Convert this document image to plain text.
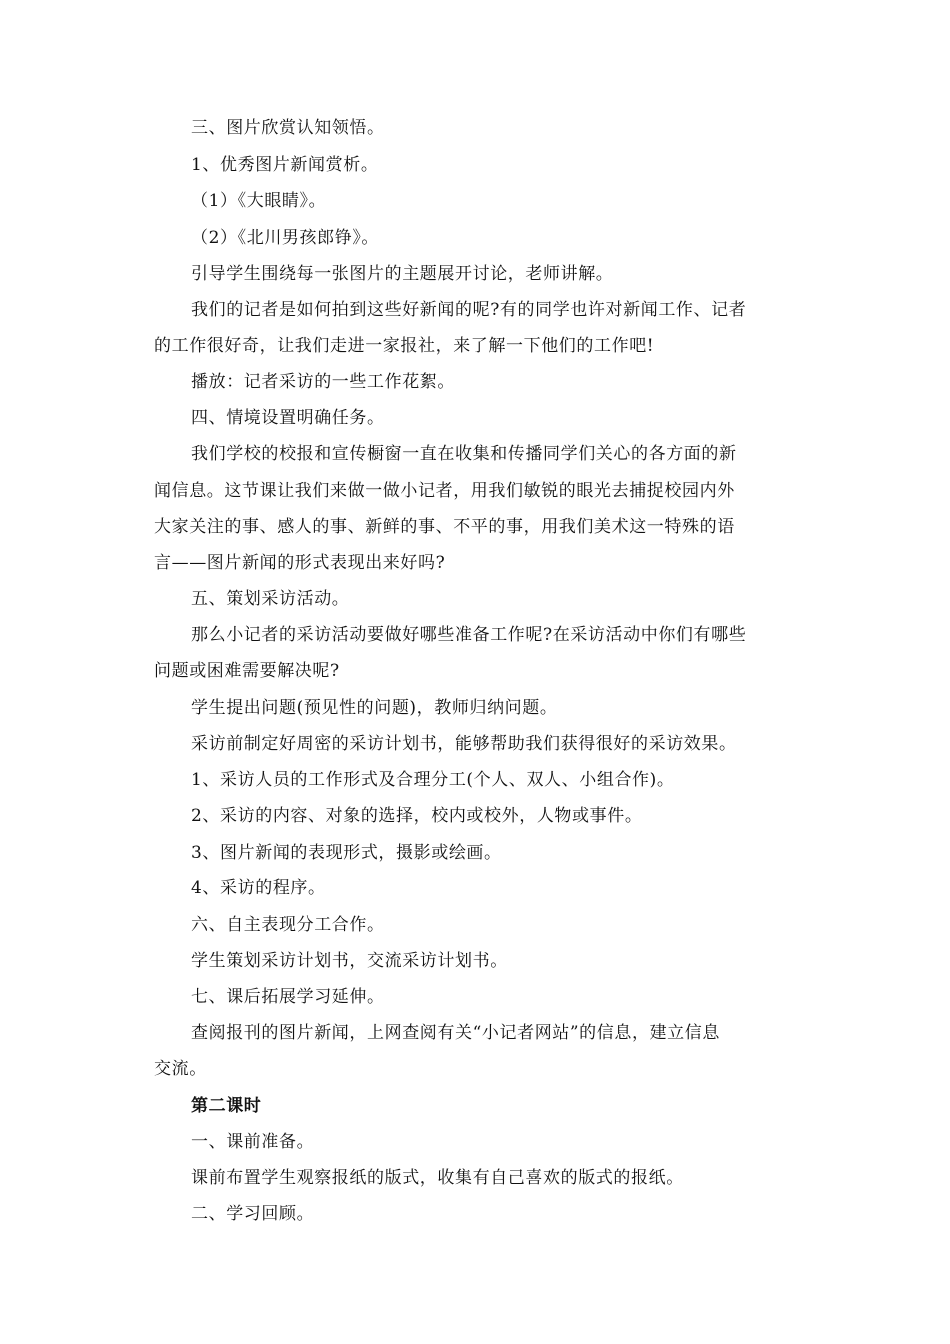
三、图片欣赏认知领悟。
1、优秀图片新闻赏析。
（1）《大眼睛》。
（2）《北川男孩郎铮》。
引导学生围绕每一张图片的主题展开讨论，老师讲解。
我们的记者是如何拍到这些好新闻的呢?有的同学也许对新闻工作、记者
的工作很好奇，让我们走进一家报社，来了解一下他们的工作吧!
播放：记者采访的一些工作花絮。
四、情境设置明确任务。
我们学校的校报和宣传橱窗一直在收集和传播同学们关心的各方面的新
闻信息。这节课让我们来做一做小记者，用我们敏锐的眼光去捕捉校园内外
大家关注的事、感人的事、新鲜的事、不平的事，用我们美术这一特殊的语
言——图片新闻的形式表现出来好吗?
五、策划采访活动。
那么小记者的采访活动要做好哪些准备工作呢?在采访活动中你们有哪些
问题或困难需要解决呢?
学生提出问题(预见性的问题)，教师归纳问题。
采访前制定好周密的采访计划书，能够帮助我们获得很好的采访效果。
1、采访人员的工作形式及合理分工(个人、双人、小组合作)。
2、采访的内容、对象的选择，校内或校外，人物或事件。
3、图片新闻的表现形式，摄影或绘画。
4、采访的程序。
六、自主表现分工合作。
学生策划采访计划书，交流采访计划书。
七、课后拓展学习延伸。
查阅报刊的图片新闻，上网查阅有关“小记者网站”的信息，建立信息
交流。
第二课时
一、课前准备。
课前布置学生观察报纸的版式，收集有自己喜欢的版式的报纸。
二、学习回顾。
